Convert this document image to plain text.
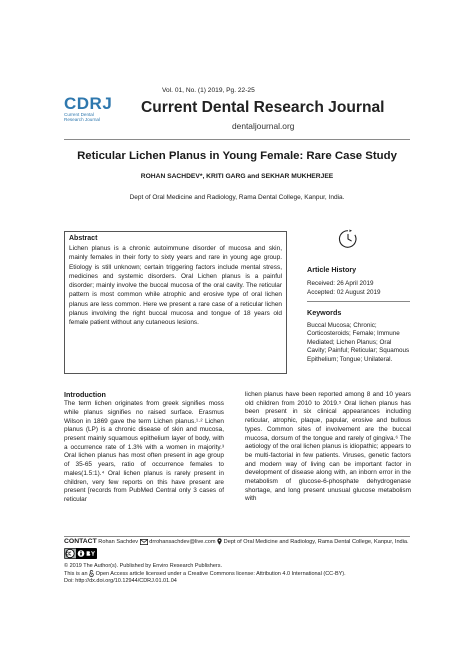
Vol. 01, No. (1) 2019, Pg. 22-25
CDRJ
Current Dental
Research Journal
Current Dental Research Journal
dentaljournal.org
Reticular Lichen Planus in Young Female: Rare Case Study
ROHAN SACHDEV*, KRITI GARG and SEKHAR MUKHERJEE
Dept of Oral Medicine and Radiology, Rama Dental College, Kanpur, India.
Abstract

Lichen planus is a chronic autoimmune disorder of mucosa and skin, mainly females in their forty to sixty years and rare in young age group. Etiology is still unknown; certain triggering factors include mental stress, medicines and systemic disorders. Oral Lichen planus is a painful disorder; mainly involve the buccal mucosa of the oral cavity. The reticular pattern is most common while atrophic and erosive type of oral lichen planus are less common. Here we present a rare case of a reticular lichen planus involving the right buccal mucosa and tongue of 18 years old female patient without any cutaneous lesions.

Article History
Received: 26 April 2019
Accepted: 02 August 2019
Keywords
Buccal Mucosa; Chronic; Corticosteroids; Female; Immune Mediated; Lichen Planus; Oral Cavity; Painful; Reticular; Squamous Epithelium; Tongue; Unilateral.
Introduction

The term lichen originates from greek signifies moss while planus signifies no raised surface. Erasmus Wilson in 1869 gave the term Lichen planus.¹·² Lichen planus (LP) is a chronic disease of skin and mucosa, present mainly squamous epithelium layer of body, with a occurrence rate of 1.3% with a women in majority.³ Oral lichen planus has most often present in age group of 35-65 years, ratio of occurrence females to males(1.5:1).⁴ Oral lichen planus is rarely present in children, very few reports on this have present are present [records from PubMed Central only 3 cases of reticular

lichen planus have been reported among 8 and 10 years old children from 2010 to 2019.⁵ Oral lichen planus has been present in six clinical appearances including reticular, atrophic, plaque, papular, erosive and bullous types. Common sites of involvement are the buccal mucosa, dorsum of the tongue and rarely of gingiva.⁶ The aetiology of the oral lichen planus is idiopathic; appears to be multi-factorial in few patients. Viruses, genetic factors and modern way of living can be important factor in development of disease along with, an inborn error in the metabolism of glucose-6-phosphate dehydrogenase shortage, and long present unusual glucose metabolism with

CONTACT Rohan Sachdev drrohansachdev@live.com Dept of Oral Medicine and Radiology, Rama Dental College, Kanpur, India.
© 2019 The Author(s). Published by Enviro Research Publishers.
This is an Open Access article licensed under a Creative Commons license: Attribution 4.0 International (CC-BY).
Doi: http://dx.doi.org/10.12944/CDRJ.01.01.04
